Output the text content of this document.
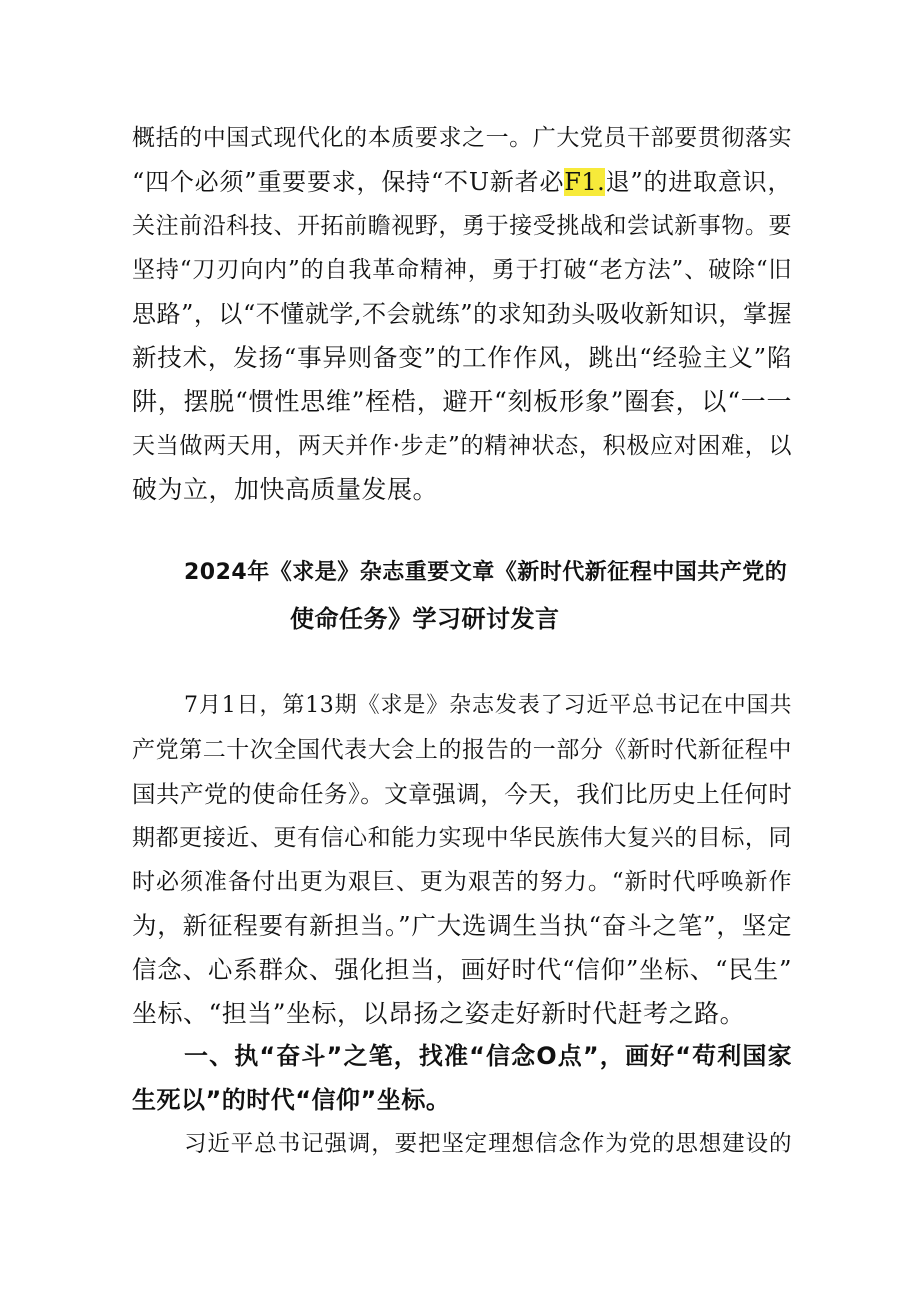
概括的中国式现代化的本质要求之一。广大党员干部要贯彻落实
“四个必须”重要要求，保持“不U新者必F1.退”的进取意识，
关注前沿科技、开拓前瞻视野，勇于接受挑战和尝试新事物。要
坚持“刀刃向内”的自我革命精神，勇于打破“老方法”、破除“旧
思路”，以“不懂就学,不会就练”的求知劲头吸收新知识，掌握
新技术，发扬“事异则备变”的工作作风，跳出“经验主义”陷
阱，摆脱“惯性思维”桎梏，避开“刻板形象”圈套，以“一一
天当做两天用，两天并作·步走”的精神状态，积极应对困难，以
破为立，加快高质量发展。
2024年《求是》杂志重要文章《新时代新征程中国共产党的
使命任务》学习研讨发言
7月1日，第13期《求是》杂志发表了习近平总书记在中国共
产党第二十次全国代表大会上的报告的一部分《新时代新征程中
国共产党的使命任务》。文章强调，今天，我们比历史上任何时
期都更接近、更有信心和能力实现中华民族伟大复兴的目标，同
时必须准备付出更为艰巨、更为艰苦的努力。“新时代呼唤新作
为，新征程要有新担当。”广大选调生当执“奋斗之笔”，坚定
信念、心系群众、强化担当，画好时代“信仰”坐标、“民生”
坐标、“担当”坐标，以昂扬之姿走好新时代赶考之路。
一、执“奋斗”之笔，找准“信念O点”，画好“苟利国家
生死以”的时代“信仰”坐标。
习近平总书记强调，要把坚定理想信念作为党的思想建设的
